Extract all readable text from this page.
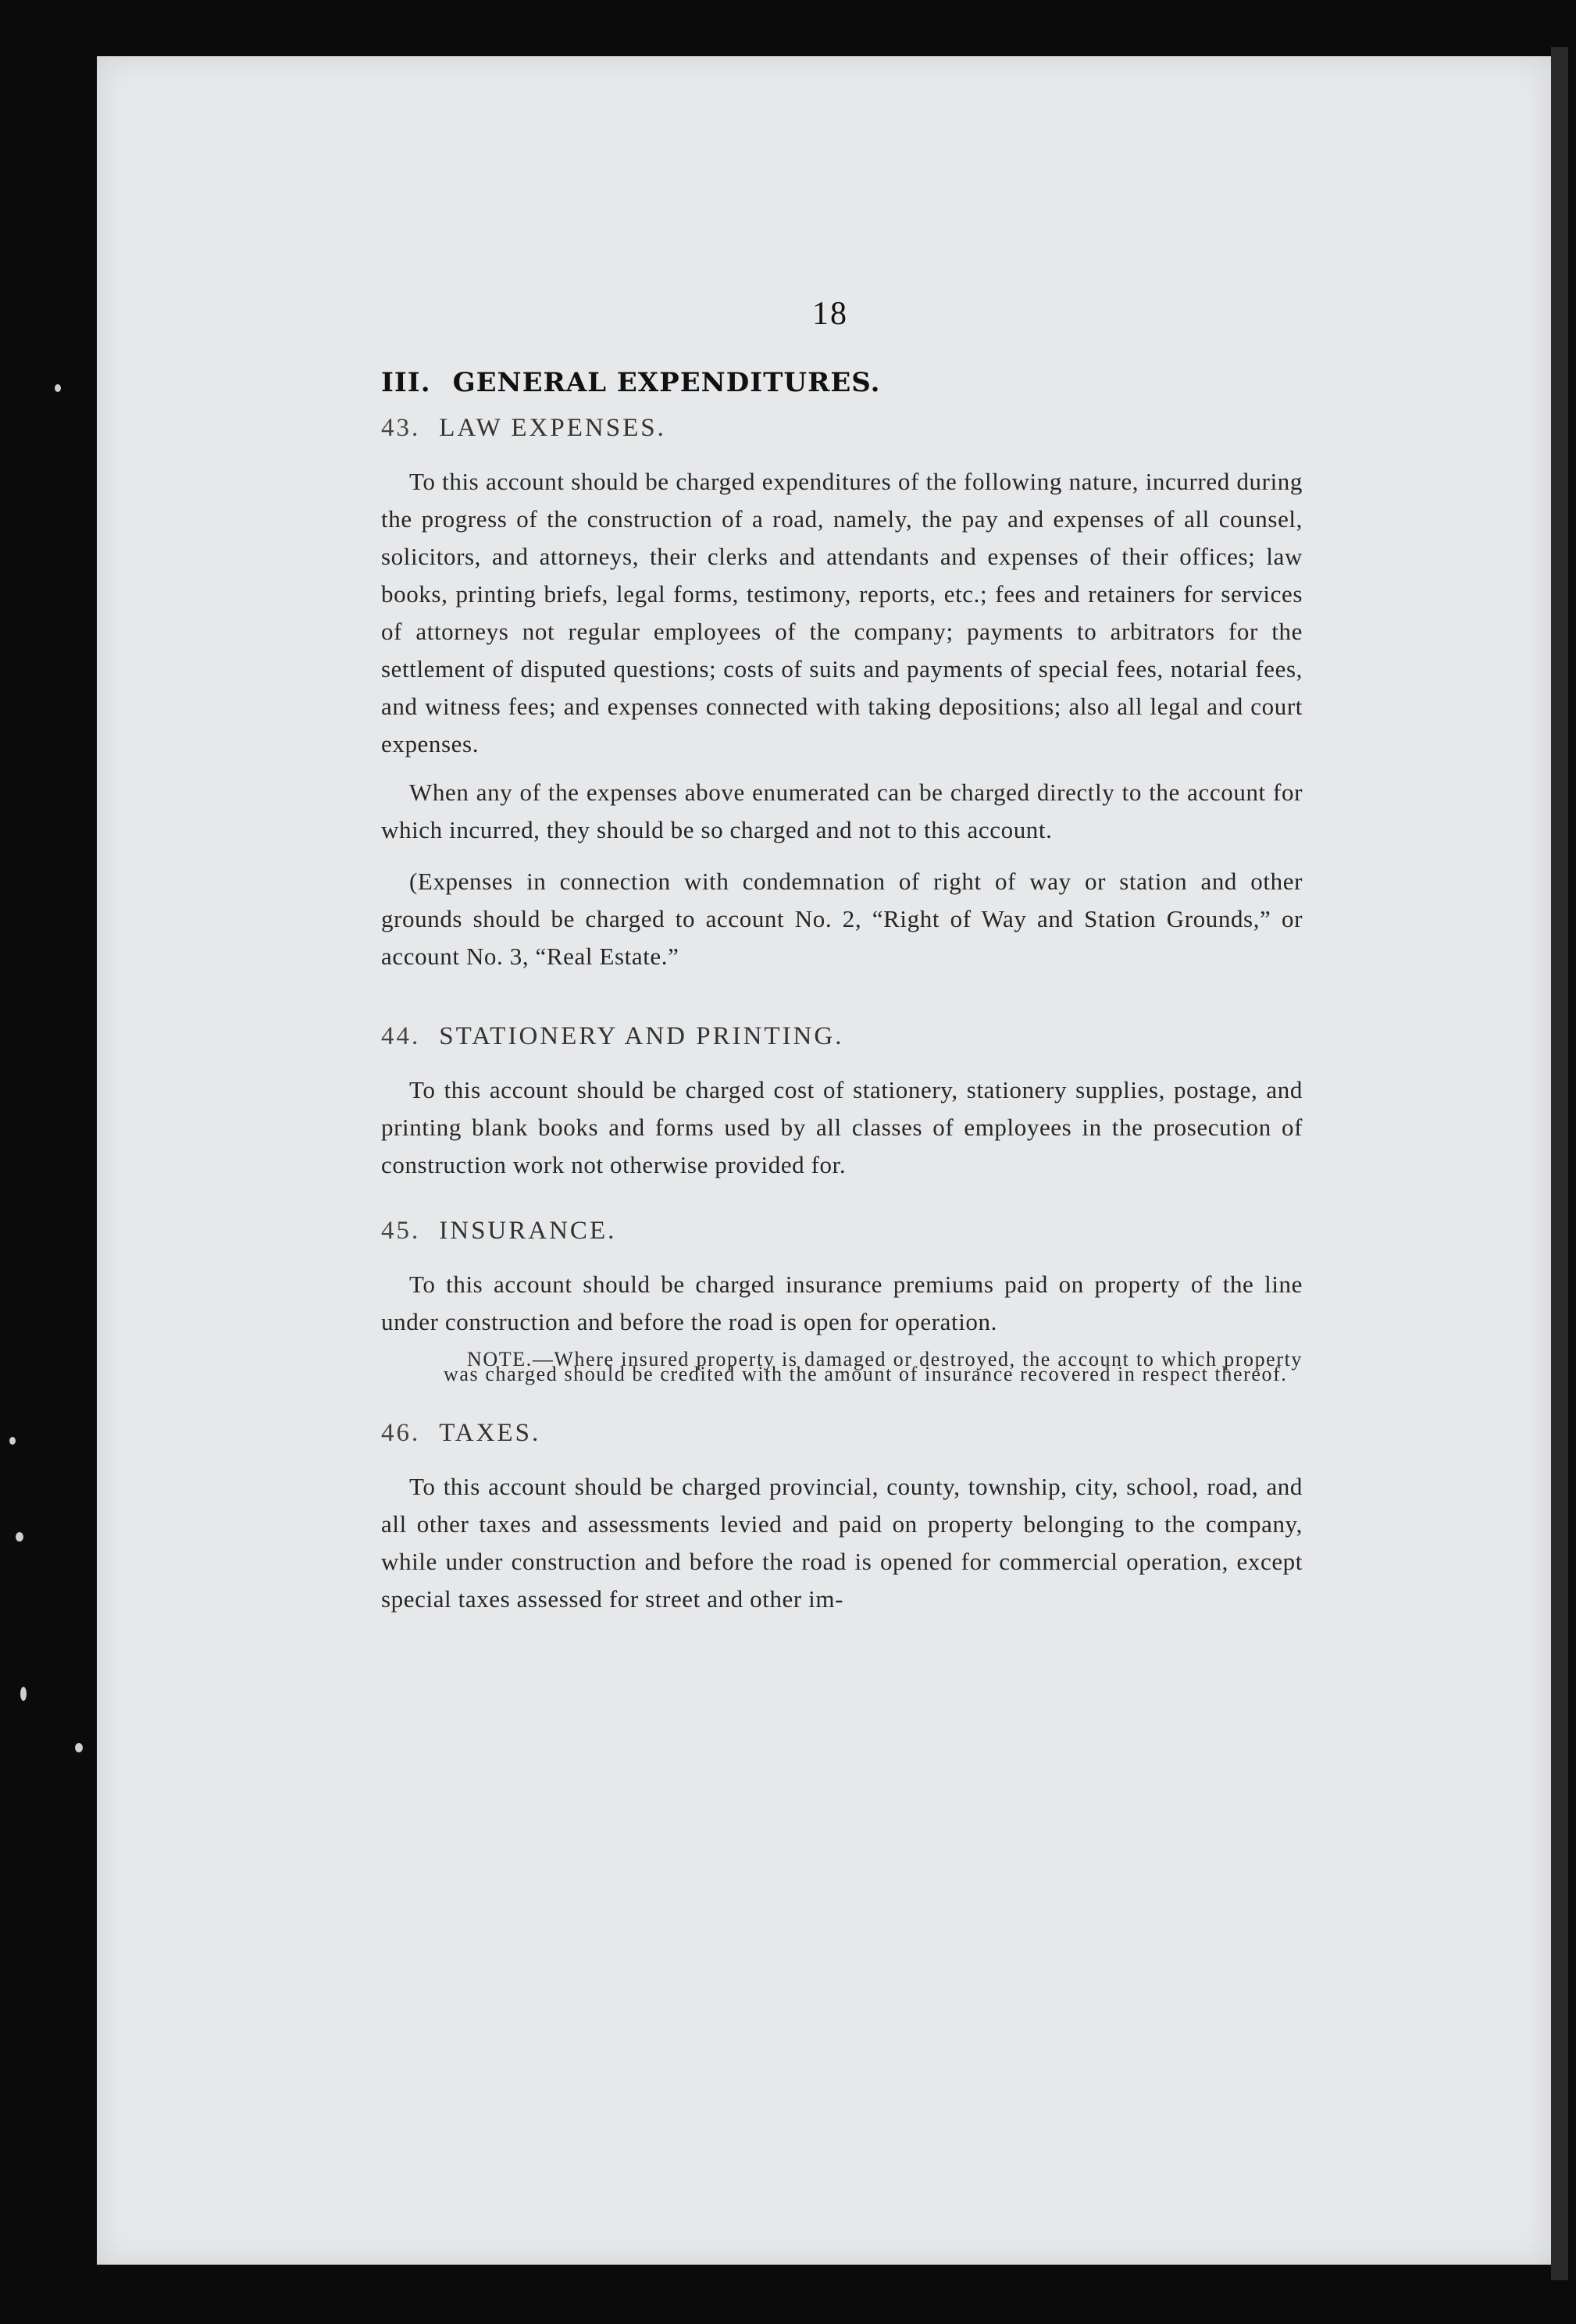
18
III. GENERAL EXPENDITURES.
43. LAW EXPENSES.

To this account should be charged expenditures of the following nature, incurred during the progress of the construction of a road, namely, the pay and expenses of all counsel, solicitors, and attorneys, their clerks and attendants and expenses of their offices; law books, printing briefs, legal forms, testimony, reports, etc.; fees and retainers for services of attorneys not regular employees of the company; payments to arbitrators for the settlement of disputed questions; costs of suits and payments of special fees, notarial fees, and witness fees; and expenses connected with taking depositions; also all legal and court expenses.

When any of the expenses above enumerated can be charged directly to the account for which incurred, they should be so charged and not to this account.

(Expenses in connection with condemnation of right of way or station and other grounds should be charged to account No. 2, “Right of Way and Station Grounds,” or account No. 3, “Real Estate.”

44. STATIONERY AND PRINTING.

To this account should be charged cost of stationery, stationery supplies, postage, and printing blank books and forms used by all classes of employees in the prosecution of construction work not otherwise provided for.

45. INSURANCE.

To this account should be charged insurance premiums paid on property of the line under construction and before the road is open for operation.

NOTE.—Where insured property is damaged or destroyed, the account to which property was charged should be credited with the amount of insurance recovered in respect thereof.

46. TAXES.

To this account should be charged provincial, county, township, city, school, road, and all other taxes and assessments levied and paid on property belonging to the company, while under construction and before the road is opened for commercial operation, except special taxes assessed for street and other im-
